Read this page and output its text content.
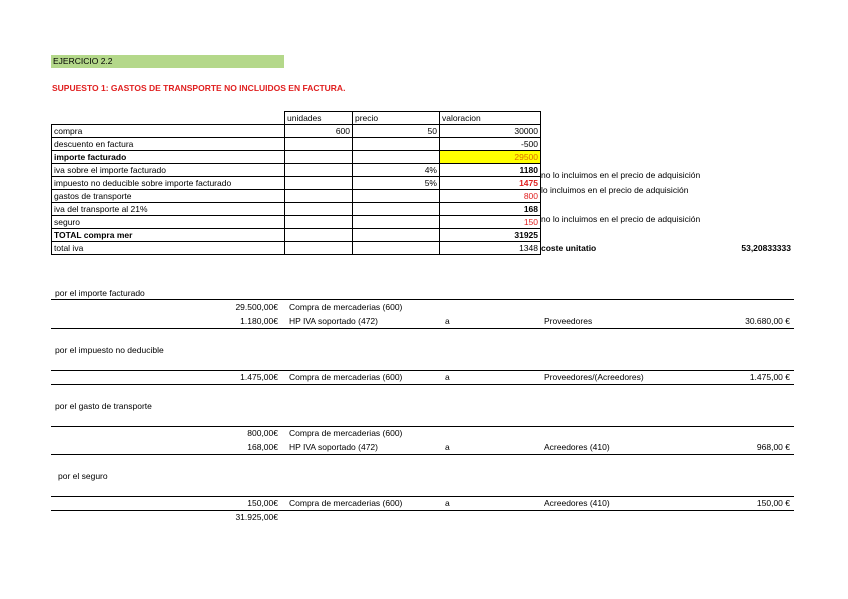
EJERCICIO 2.2
SUPUESTO 1: GASTOS DE TRANSPORTE NO INCLUIDOS EN FACTURA.
	unidades	precio	valoracion
compra	600	50	30000
descuento en factura			-500
importe facturado			29500
iva sobre el importe facturado		4%	1180
impuesto no deducible sobre importe facturado		5%	1475
gastos de transporte			800
iva del transporte al 21%			168
seguro			150
TOTAL compra mer			31925
total iva			1348
no lo incluimos en el precio de adquisición
lo incluimos en el precio de adquisición
no lo incluimos en el precio de adquisición
coste unitatio	53,20833333
por el importe facturado
29.500,00€ Compra de mercaderias (600)
1.180,00€ HP IVA soportado (472)	a	Proveedores	30.680,00 €
por el impuesto no deducible
1.475,00€ Compra de mercaderias (600)	a	Proveedores/(Acreedores)	1.475,00 €
por el gasto de transporte
800,00€ Compra de mercaderias (600)
168,00€ HP IVA soportado (472)	a	Acreedores (410)	968,00 €
por el seguro
150,00€ Compra de mercaderias (600)	a	Acreedores (410)	150,00 €
31.925,00€
